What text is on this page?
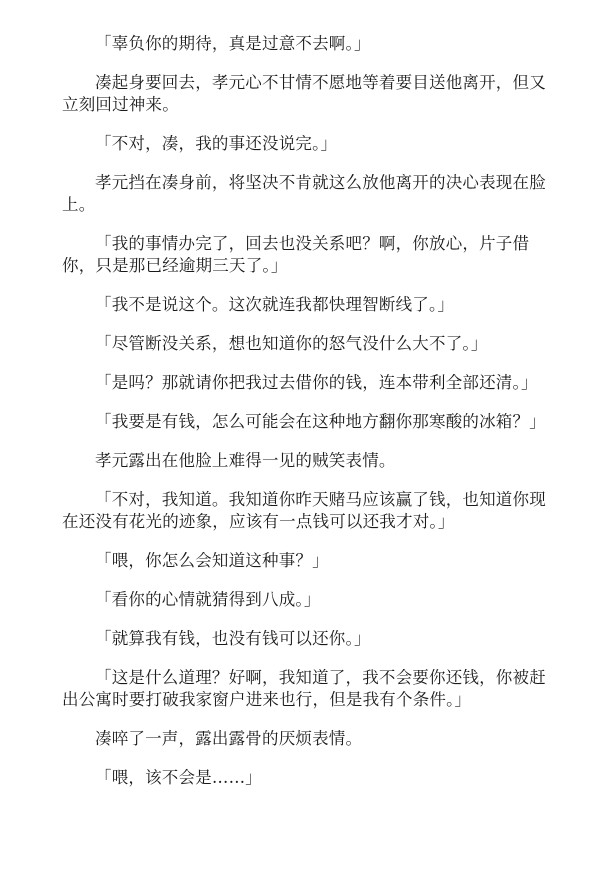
「辜负你的期待，真是过意不去啊。」

凑起身要回去，孝元心不甘情不愿地等着要目送他离开，但又立刻回过神来。

「不对，凑，我的事还没说完。」

孝元挡在凑身前，将坚决不肯就这么放他离开的决心表现在脸上。

「我的事情办完了，回去也没关系吧？啊，你放心，片子借你，只是那已经逾期三天了。」

「我不是说这个。这次就连我都快理智断线了。」

「尽管断没关系，想也知道你的怒气没什么大不了。」

「是吗？那就请你把我过去借你的钱，连本带利全部还清。」

「我要是有钱，怎么可能会在这种地方翻你那寒酸的冰箱？」

孝元露出在他脸上难得一见的贼笑表情。

「不对，我知道。我知道你昨天赌马应该赢了钱，也知道你现在还没有花光的迹象，应该有一点钱可以还我才对。」

「喂，你怎么会知道这种事？」

「看你的心情就猜得到八成。」

「就算我有钱，也没有钱可以还你。」

「这是什么道理？好啊，我知道了，我不会要你还钱，你被赶出公寓时要打破我家窗户进来也行，但是我有个条件。」

凑啐了一声，露出露骨的厌烦表情。

「喂，该不会是……」
